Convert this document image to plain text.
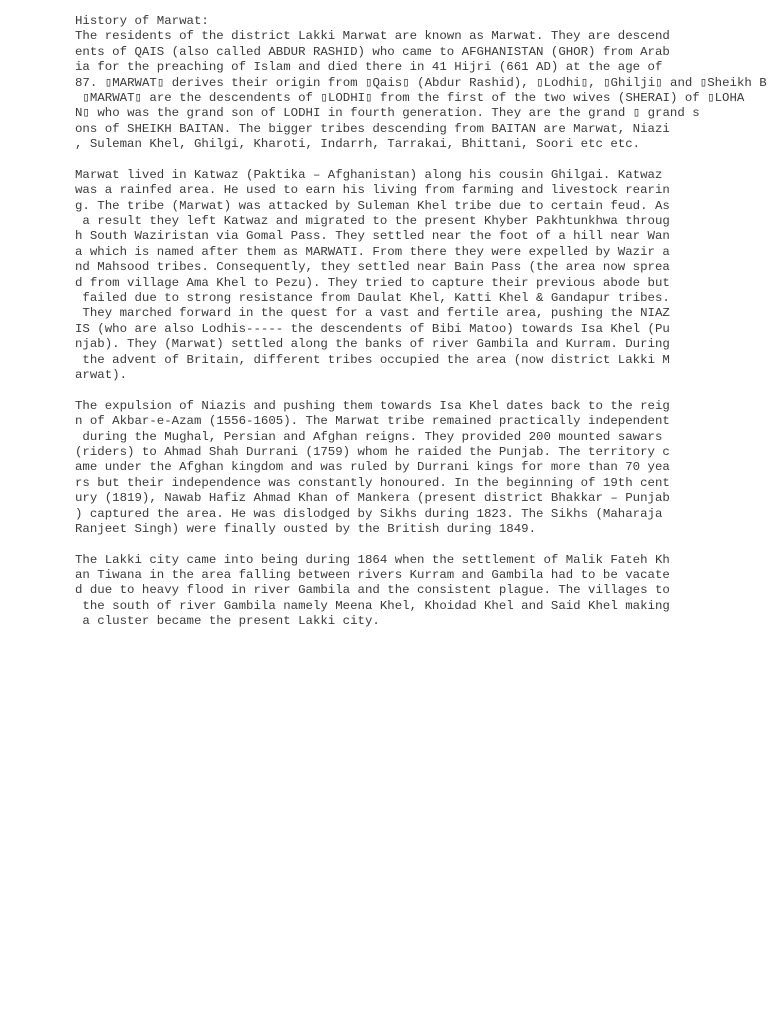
History of Marwat:
The residents of the district Lakki Marwat are known as Marwat. They are descend
ents of QAIS (also called ABDUR RASHID) who came to AFGHANISTAN (GHOR) from Arab
ia for the preaching of Islam and died there in 41 Hijri (661 AD) at the age of
87. ▯MARWAT▯ derives their origin from ▯Qais▯ (Abdur Rashid), ▯Lodhi▯, ▯Ghilji▯ and ▯Sheikh B
▯MARWAT▯ are the descendents of ▯LODHI▯ from the first of the two wives (SHERAI) of ▯LOHA
N▯ who was the grand son of LODHI in fourth generation. They are the grand ▯ grand s
ons of SHEIKH BAITAN. The bigger tribes descending from BAITAN are Marwat, Niazi
, Suleman Khel, Ghilgi, Kharoti, Indarrh, Tarrakai, Bhittani, Soori etc etc.
Marwat lived in Katwaz (Paktika – Afghanistan) along his cousin Ghilgai. Katwaz
was a rainfed area. He used to earn his living from farming and livestock rearin
g. The tribe (Marwat) was attacked by Suleman Khel tribe due to certain feud. As
a result they left Katwaz and migrated to the present Khyber Pakhtunkhwa throug
h South Waziristan via Gomal Pass. They settled near the foot of a hill near Wan
a which is named after them as MARWATI. From there they were expelled by Wazir a
nd Mahsood tribes. Consequently, they settled near Bain Pass (the area now sprea
d from village Ama Khel to Pezu). They tried to capture their previous abode but
failed due to strong resistance from Daulat Khel, Katti Khel & Gandapur tribes.
They marched forward in the quest for a vast and fertile area, pushing the NIAZ
IS (who are also Lodhis----- the descendents of Bibi Matoo) towards Isa Khel (Pu
njab). They (Marwat) settled along the banks of river Gambila and Kurram. During
the advent of Britain, different tribes occupied the area (now district Lakki M
arwat).
The expulsion of Niazis and pushing them towards Isa Khel dates back to the reig
n of Akbar-e-Azam (1556-1605). The Marwat tribe remained practically independent
during the Mughal, Persian and Afghan reigns. They provided 200 mounted sawars
(riders) to Ahmad Shah Durrani (1759) whom he raided the Punjab. The territory c
ame under the Afghan kingdom and was ruled by Durrani kings for more than 70 yea
rs but their independence was constantly honoured. In the beginning of 19th cent
ury (1819), Nawab Hafiz Ahmad Khan of Mankera (present district Bhakkar – Punjab
) captured the area. He was dislodged by Sikhs during 1823. The Sikhs (Maharaja
Ranjeet Singh) were finally ousted by the British during 1849.
The Lakki city came into being during 1864 when the settlement of Malik Fateh Kh
an Tiwana in the area falling between rivers Kurram and Gambila had to be vacate
d due to heavy flood in river Gambila and the consistent plague. The villages to
the south of river Gambila namely Meena Khel, Khoidad Khel and Said Khel making
a cluster became the present Lakki city.
